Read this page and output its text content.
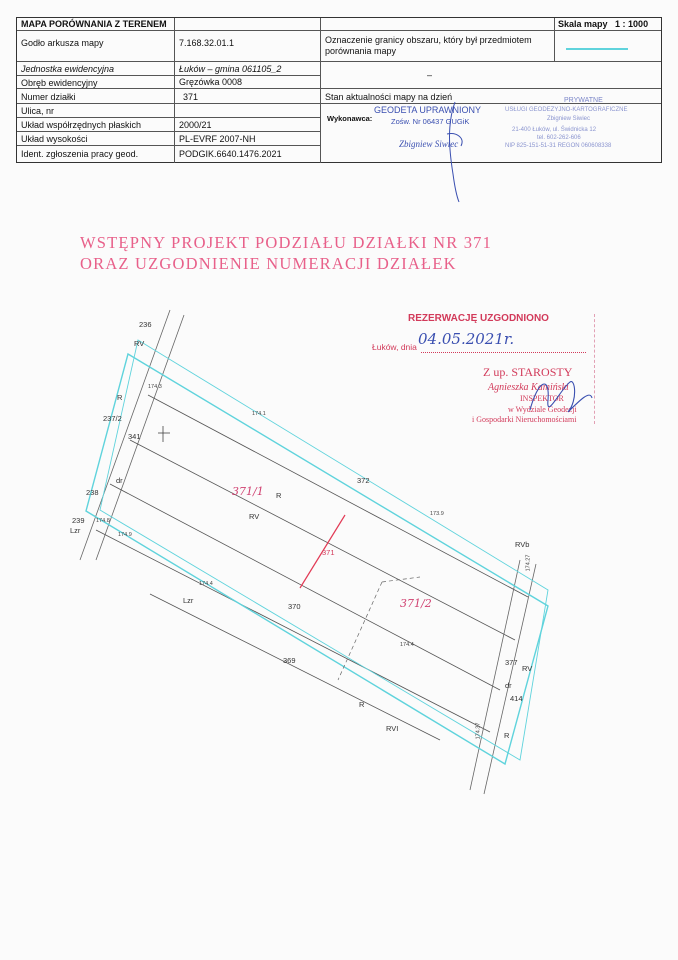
MAPA PORÓWNANIA Z TERENEM	Skala mapy 1 : 1000
Godło arkusza mapy	7.168.32.01.1	Oznaczenie granicy obszaru, który był przedmiotem porównania mapy
Jednostka ewidencyjna	Łuków – gmina 061105_2
–
Obręb ewidencyjny	Gręzówka 0008
Numer działki	371	Stan aktualności mapy na dzień
Ulica, nr
Układ współrzędnych płaskich	2000/21
Układ wysokości	PL-EVRF 2007-NH
Ident. zgłoszenia pracy geod.	PODGIK.6640.1476.2021
Wykonawca:
GEODETA UPRAWNIONY
Zośw. Nr 06437 GUGiK
Zbigniew Siwiec
PRYWATNE
USŁUGI GEODEZYJNO-KARTOGRAFICZNE
Zbigniew Siwiec
21-400 Łuków, ul. Świdnicka 12
tel. 602-262-606
NIP 825-151-51-31 REGON 060608338
WSTĘPNY PROJEKT PODZIAŁU DZIAŁKI NR 371
ORAZ UZGODNIENIE NUMERACJI DZIAŁEK
REZERWACJĘ UZGODNIONO
Łuków, dnia 04.05.2021r.
Z up. STAROSTY
Agnieszka Kamiński
INSPEKTOR
w Wydziale Geodezji
i Gospodarki Nieruchomościami
236
RV
R
237/2
341
238
dr
239
Lzr
371/1 R
RV
372
371
370
Lzr
369
371/2
R
RVI
377
RV
dr
414
R
RVb
174.3
174.1
173.9
174.8
174.9
174.4
174.4
174.27
174.37
